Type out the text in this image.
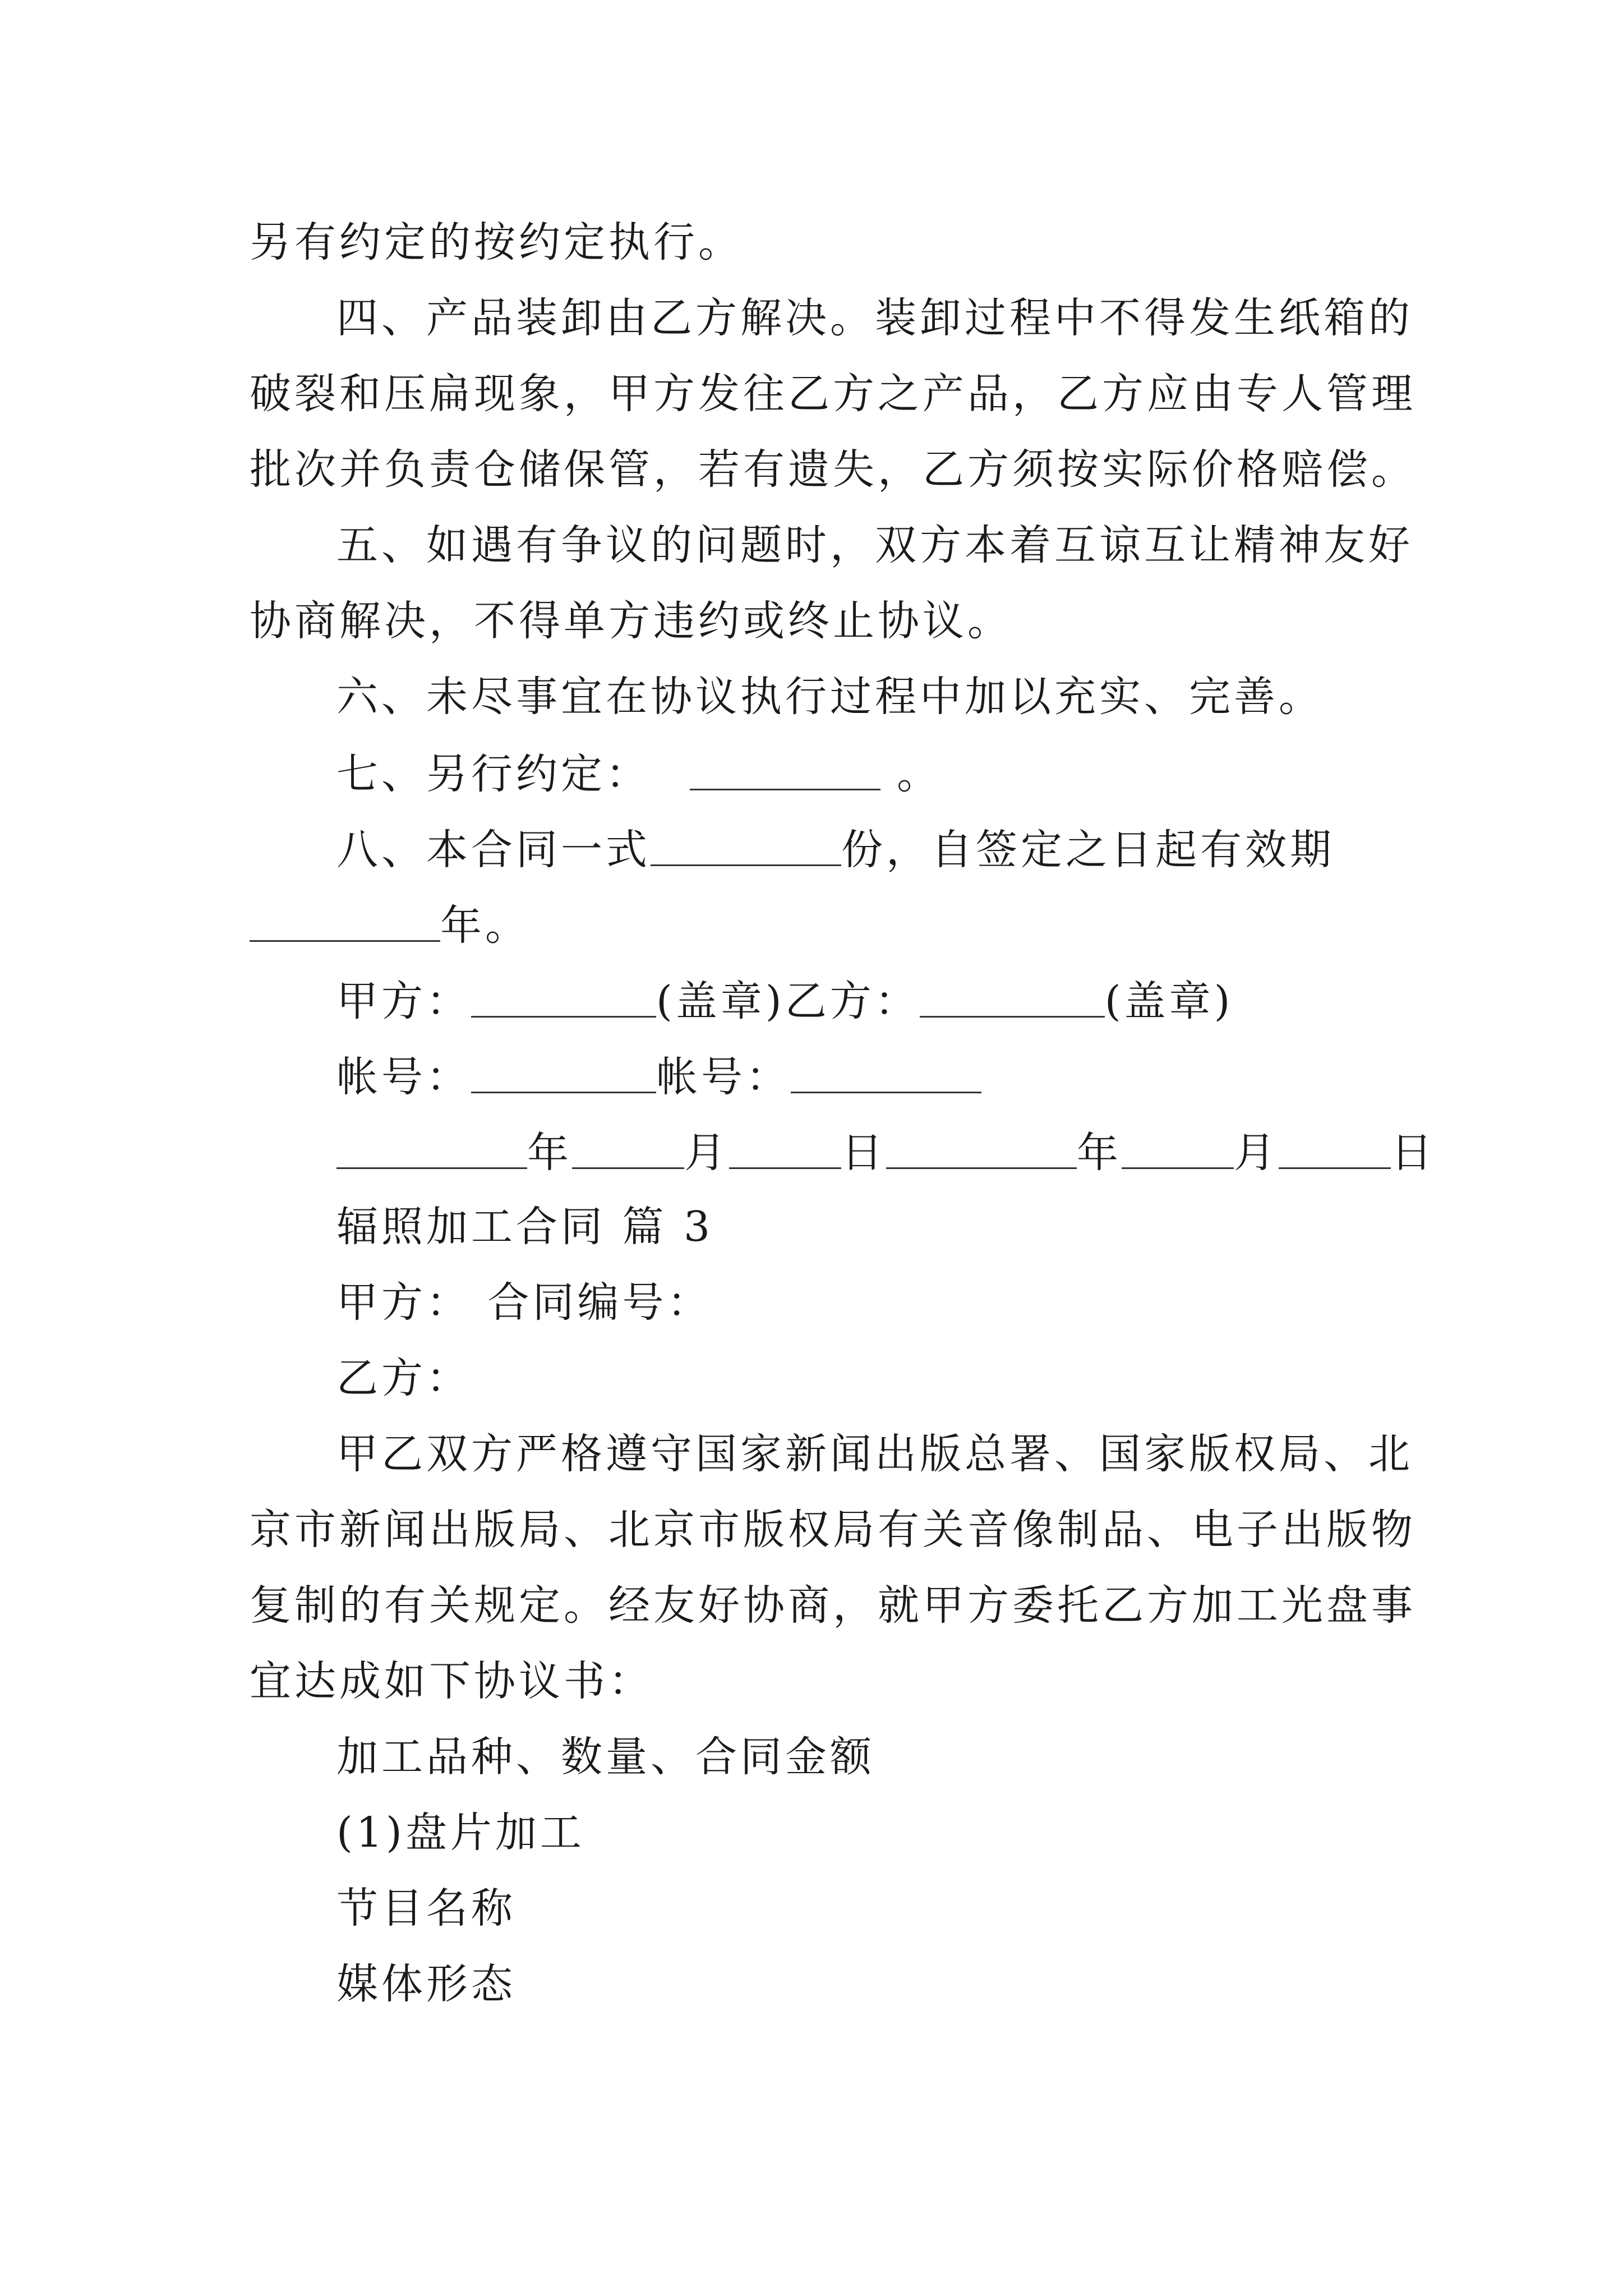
另有约定的按约定执行。
四、产品装卸由乙方解决。装卸过程中不得发生纸箱的
破裂和压扁现象，甲方发往乙方之产品，乙方应由专人管理
批次并负责仓储保管，若有遗失，乙方须按实际价格赔偿。
五、如遇有争议的问题时，双方本着互谅互让精神友好
协商解决，不得单方违约或终止协议。
六、未尽事宜在协议执行过程中加以充实、完善。
七、另行约定：	。
八、本合同一式	份，自签定之日起有效期
年。
甲方：	(盖章)乙方：	(盖章)
帐号：	帐号：
年	月	日	年	月	日
辐照加工合同 篇 3
甲方： 合同编号：
乙方：
甲乙双方严格遵守国家新闻出版总署、国家版权局、北
京市新闻出版局、北京市版权局有关音像制品、电子出版物
复制的有关规定。经友好协商，就甲方委托乙方加工光盘事
宜达成如下协议书：
加工品种、数量、合同金额
(1)盘片加工
节目名称
媒体形态
